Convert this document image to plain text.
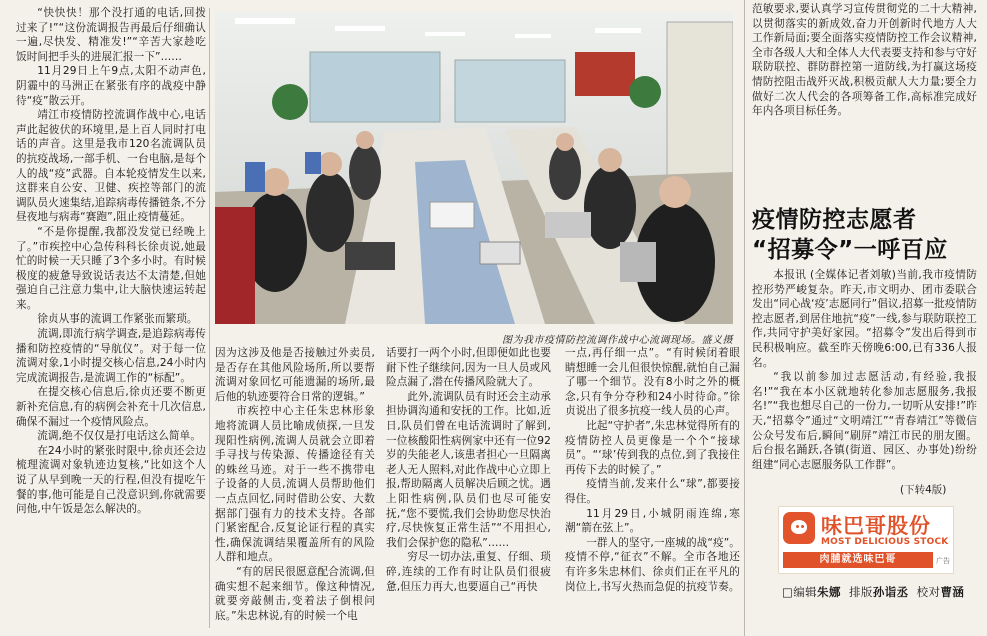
“快快快！那个没打通的电话,回拨过来了!”“这份流调报告再最后仔细确认一遍,尽快发、精准发!”“辛苦大家趁吃饭时间把手头的进展汇报一下”……

11月29日上午9点,太阳不动声色,阴霾中的马洲正在紧张有序的战疫中静待“疫”散云开。

靖江市疫情防控流调作战中心,电话声此起彼伏的环境里,是上百人同时打电话的声音。这里是我市120名流调队员的抗疫战场,一部手机、一台电脑,是每个人的战“疫”武器。自本轮疫情发生以来,这群来自公安、卫健、疾控等部门的流调队员火速集结,追踪病毒传播链条,不分昼夜地与病毒“赛跑”,阻止疫情蔓延。

“不是你提醒,我都没发觉已经晚上了。”市疾控中心急传科科长徐贞说,她最忙的时候一天只睡了3个多小时。有时候极度的疲惫导致说话表达不太清楚,但她强迫自己注意力集中,让大脑快速运转起来。

徐贞从事的流调工作紧张而繁琐。

流调,即流行病学调查,是追踪病毒传播和防控疫情的“导航仪”。对于每一位流调对象,1小时提交核心信息,24小时内完成流调报告,是流调工作的“标配”。

在提交核心信息后,徐贞还要不断更新补充信息,有的病例会补充十几次信息,确保不漏过一个疫情风险点。

流调,绝不仅仅是打电话这么简单。

在24小时的紧张时限中,徐贞还会边梳理流调对象轨迹边复核,“比如这个人说了从早到晚一天的行程,但没有提吃午餐的事,他可能是自己没意识到,你就需要问他,中午饭是怎么解决的。

图为我市疫情防控流调作战中心流调现场。盛义摄

因为这涉及他是否接触过外卖员,是否存在其他风险场所,所以要帮流调对象回忆可能遗漏的场所,最后他的轨迹要符合日常的逻辑。”

市疾控中心主任朱忠林形象地将流调人员比喻成侦探,一旦发现阳性病例,流调人员就会立即着手寻找与传染源、传播途径有关的蛛丝马迹。对于一些不携带电子设备的人员,流调人员帮助他们一点点回忆,同时借助公安、大数据部门强有力的技术支持。各部门紧密配合,反复论证行程的真实性,确保流调结果覆盖所有的风险人群和地点。

“有的居民很愿意配合流调,但确实想不起来细节。像这种情况,就要旁敲侧击,变着法子倒根问底。”朱忠林说,有的时候一个电

话要打一两个小时,但即便如此也要耐下性子继续问,因为一旦人员或风险点漏了,潜在传播风险就大了。

此外,流调队员有时还会主动承担协调沟通和安抚的工作。比如,近日,队员们曾在电话流调时了解到,一位核酸阳性病例家中还有一位92岁的失能老人,该患者担心一旦隔离老人无人照料,对此作战中心立即上报,帮助隔离人员解决后顾之忧。遇上阳性病例,队员们也尽可能安抚,“您不要慌,我们会协助您尽快治疗,尽快恢复正常生活”“不用担心,我们会保护您的隐私”……

穷尽一切办法,重复、仔细、琐碎,连续的工作有时让队员们很疲惫,但压力再大,也要逼自己“再快

一点,再仔细一点”。“有时候闭着眼睛想睡一会儿但很快惊醒,就怕自己漏了哪一个细节。没有8小时之外的概念,只有争分夺秒和24小时待命。”徐贞说出了很多抗疫一线人员的心声。

比起“守护者”,朱忠林觉得所有的疫情防控人员更像是一个个“接球员”。“‘球’传到我的点位,到了我接住再传下去的时候了。”

疫情当前,发来什么“球”,都要接得住。

11月29日,小城阴雨连绵,寒潮“箭在弦上”。

一群人的坚守,一座城的战“疫”。疫情不停,“征衣”不解。全市各地还有许多朱忠林们、徐贞们正在平凡的岗位上,书写火热而急促的抗疫节奏。

范敏要求,要认真学习宣传贯彻党的二十大精神,以贯彻落实的新成效,奋力开创新时代地方人大工作新局面;要全面落实疫情防控工作会议精神,全市各级人大和全体人大代表要支持和参与守好联防联控、群防群控第一道防线,为打赢这场疫情防控阻击战歼灭战,积极贡献人大力量;要全力做好二次人代会的各项筹备工作,高标准完成好年内各项目标任务。

疫情防控志愿者
“招募令”一呼百应

本报讯 (全媒体记者刘敏)当前,我市疫情防控形势严峻复杂。昨天,市文明办、团市委联合发出“同心战‘疫’志愿同行”倡议,招募一批疫情防控志愿者,到居住地抗“疫”一线,参与联防联控工作,共同守护美好家园。“招募令”发出后得到市民积极响应。截至昨天傍晚6:00,已有336人报名。

“我以前参加过志愿活动,有经验,我报名!”“我在本小区就地转化参加志愿服务,我报名!”“我也想尽自己的一份力,一切听从安排!”昨天,“招募令”通过“文明靖江”“青春靖江”等微信公众号发布后,瞬间“刷屏”靖江市民的朋友圈。后台报名踊跃,各镇(街道、园区、办事处)纷纷组建“同心志愿服务队工作群”。

(下转4版)
味巴哥股份
MOST DELICIOUS STOCK
肉脯就选味巴哥	广告
□编辑朱娜 排版孙诣丞 校对曹涵
